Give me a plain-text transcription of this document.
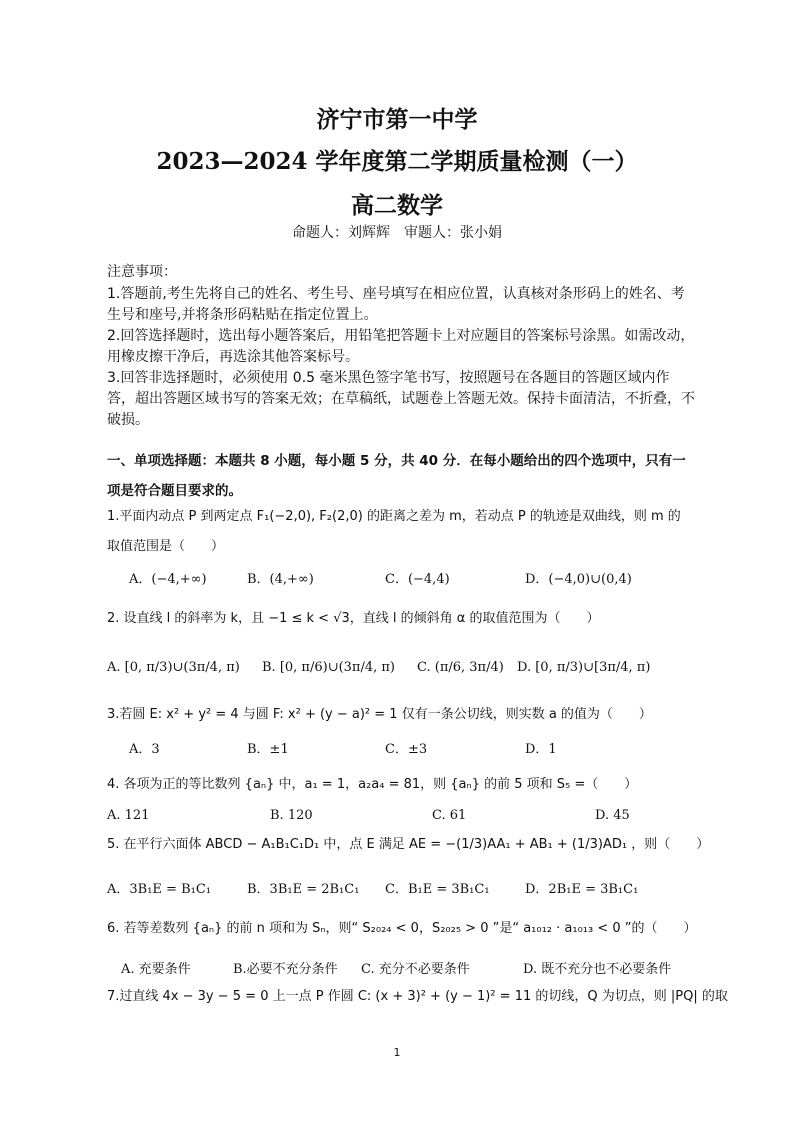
济宁市第一中学
2023—2024 学年度第二学期质量检测（一）
高二数学
命题人：刘辉辉　审题人：张小娟
注意事项：
1.答题前,考生先将自己的姓名、考生号、座号填写在相应位置，认真核对条形码上的姓名、考生号和座号,并将条形码粘贴在指定位置上。
2.回答选择题时，选出每小题答案后，用铅笔把答题卡上对应题目的答案标号涂黑。如需改动，用橡皮擦干净后，再选涂其他答案标号。
3.回答非选择题时，必须使用 0.5 毫米黑色签字笔书写，按照题号在各题目的答题区域内作答，超出答题区域书写的答案无效；在草稿纸，试题卷上答题无效。保持卡面清洁，不折叠，不破损。
一、单项选择题：本题共 8 小题，每小题 5 分，共 40 分．在每小题给出的四个选项中，只有一
项是符合题目要求的。
1.平面内动点 P 到两定点 F₁(−2,0), F₂(2,0) 的距离之差为 m，若动点 P 的轨迹是双曲线，则 m 的
取值范围是（　　）
A．(−4,+∞)	B．(4,+∞)	C．(−4,4)	D．(−4,0)∪(0,4)
2. 设直线 l 的斜率为 k，且 −1 ≤ k < √3，直线 l 的倾斜角 α 的取值范围为（　　）
A. [0, π/3)∪(3π/4, π) B. [0, π/6)∪(3π/4, π) C. (π/6, 3π/4) D. [0, π/3)∪[3π/4, π)
3.若圆 E: x² + y² = 4 与圆 F: x² + (y − a)² = 1 仅有一条公切线，则实数 a 的值为（　　）
A．3	B．±1	C．±3	D．1
4. 各项为正的等比数列 {aₙ} 中，a₁ = 1，a₂a₄ = 81，则 {aₙ} 的前 5 项和 S₅ =（　　）
A. 121	B. 120	C. 61	D. 45
5. 在平行六面体 ABCD − A₁B₁C₁D₁ 中，点 E 满足 AE = −(1/3)AA₁ + AB₁ + (1/3)AD₁ ，则（　　）
A．3B₁E = B₁C₁	B．3B₁E = 2B₁C₁ C．B₁E = 3B₁C₁	D．2B₁E = 3B₁C₁
6. 若等差数列 {aₙ} 的前 n 项和为 Sₙ，则“ S₂₀₂₄ < 0，S₂₀₂₅ > 0 ”是“ a₁₀₁₂ · a₁₀₁₃ < 0 ”的（　　）
A. 充要条件	B.必要不充分条件 C. 充分不必要条件	D. 既不充分也不必要条件
7.过直线 4x − 3y − 5 = 0 上一点 P 作圆 C: (x + 3)² + (y − 1)² = 11 的切线，Q 为切点，则 |PQ| 的取
1
